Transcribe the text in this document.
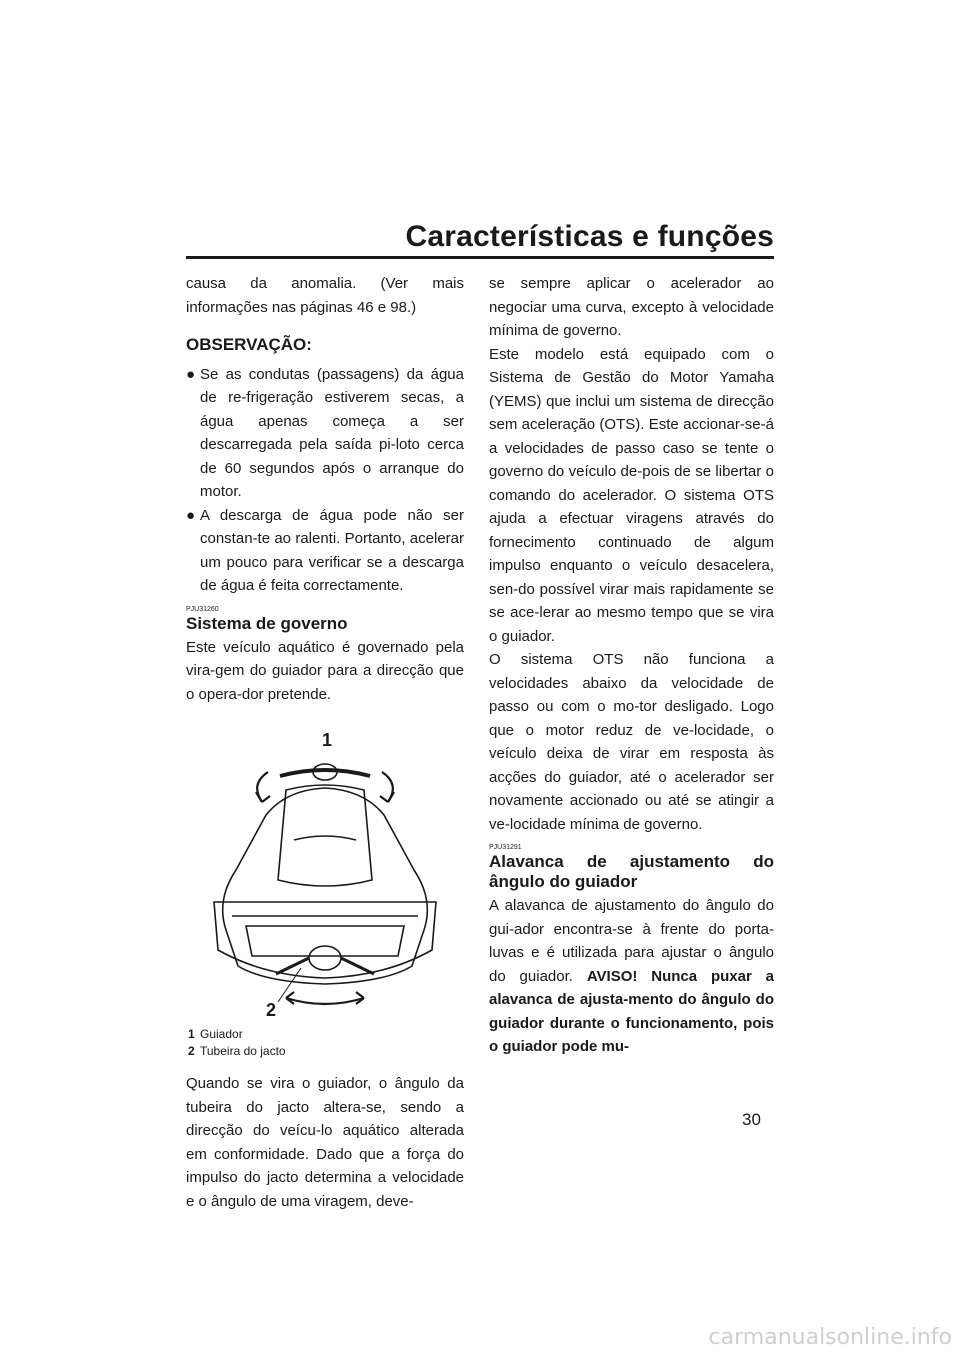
Características e funções

causa da anomalia. (Ver mais informações nas páginas 46 e 98.)

OBSERVAÇÃO:
● Se as condutas (passagens) da água de re-frigeração estiverem secas, a água apenas começa a ser descarregada pela saída pi-loto cerca de 60 segundos após o arranque do motor.
● A descarga de água pode não ser constan-te ao ralenti. Portanto, acelerar um pouco para verificar se a descarga de água é feita correctamente.
PJU31260
Sistema de governo

Este veículo aquático é governado pela vira-gem do guiador para a direcção que o opera-dor pretende.

1
2
1 Guiador
2 Tubeira do jacto

Quando se vira o guiador, o ângulo da tubeira do jacto altera-se, sendo a direcção do veícu-lo aquático alterada em conformidade. Dado que a força do impulso do jacto determina a velocidade e o ângulo de uma viragem, deve-

se sempre aplicar o acelerador ao negociar uma curva, excepto à velocidade mínima de governo.

Este modelo está equipado com o Sistema de Gestão do Motor Yamaha (YEMS) que inclui um sistema de direcção sem aceleração (OTS). Este accionar-se-á a velocidades de passo caso se tente o governo do veículo de-pois de se libertar o comando do acelerador. O sistema OTS ajuda a efectuar viragens através do fornecimento continuado de algum impulso enquanto o veículo desacelera, sen-do possível virar mais rapidamente se se ace-lerar ao mesmo tempo que se vira o guiador.

O sistema OTS não funciona a velocidades abaixo da velocidade de passo ou com o mo-tor desligado. Logo que o motor reduz de ve-locidade, o veículo deixa de virar em resposta às acções do guiador, até o acelerador ser novamente accionado ou até se atingir a ve-locidade mínima de governo.

PJU31291
Alavanca de ajustamento do ângulo do guiador

A alavanca de ajustamento do ângulo do gui-ador encontra-se à frente do porta-luvas e é utilizada para ajustar o ângulo do guiador. AVISO! Nunca puxar a alavanca de ajusta-mento do ângulo do guiador durante o funcionamento, pois o guiador pode mu-

30
carmanualsonline.info
